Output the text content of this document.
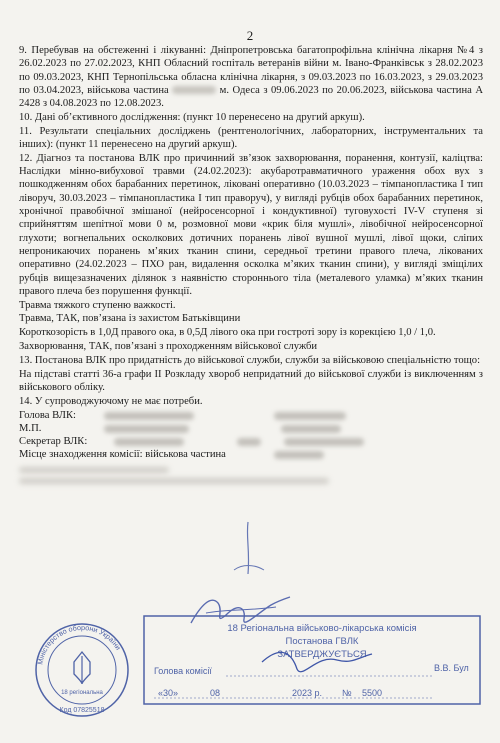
2

9. Перебував на обстеженні і лікуванні: Дніпропетровська багатопрофільна клінічна лікарня №4 з 26.02.2023 по 27.02.2023, КНП Обласний госпіталь ветеранів війни м. Івано-Франківськ з 28.02.2023 по 09.03.2023, КНП Тернопільська обласна клінічна лікарня, з 09.03.2023 по 16.03.2023, з 29.03.2023 по 03.04.2023, військова частина	м. Одеса з 09.06.2023 по 20.06.2023, військова частина А 2428 з 04.08.2023 по 12.08.2023.

10. Дані об’єктивного дослідження: (пункт 10 перенесено на другий аркуш).

11. Результати спеціальних досліджень (рентгенологічних, лабораторних, інструментальних та інших): (пункт 11 перенесено на другий аркуш).

12. Діагноз та постанова ВЛК про причинний зв’язок захворювання, поранення, контузії, каліцтва: Наслідки мінно-вибухової травми (24.02.2023): акубаротравматичного ураження обох вух з пошкодженням обох барабанних перетинок, ліковані оперативно (10.03.2023 – тімпанопластика I тип ліворуч, 30.03.2023 – тімпанопластика I тип праворуч), у вигляді рубців обох барабанних перетинок, хронічної правобічної змішаної (нейросенсорної і кондуктивної) туговухості IV-V ступеня зі сприйняттям шепітної мови 0 м, розмовної мови «крик біля мушлі», лівобічної нейросенсорної глухоти; вогнепальних осколкових дотичних поранень лівої вушної мушлі, лівої щоки, сліпих непроникаючих поранень м’яких тканин спини, середньої третини правого плеча, лікованих оперативно (24.02.2023 – ПХО ран, видалення осколка м’яких тканин спини), у вигляді зміщілих рубців вищезазначених ділянок з наявністю стороннього тіла (металевого уламка) м’яких тканин правого плеча без порушення функції.

Травма тяжкого ступеню важкості.

Травма, ТАК, пов’язана із захистом Батьківщини

Короткозорість в 1,0Д правого ока, в 0,5Д лівого ока при гостроті зору із корекцією 1,0 / 1,0.

Захворювання, ТАК, пов’язані з проходженням військової служби

13. Постанова ВЛК про придатність до військової служби, служби за військовою спеціальністю тощо:

На підставі статті 36-а графи II Розкладу хвороб непридатний до військової служби із виключенням з військового обліку.

14. У супроводжуючому не має потреби.

Голова ВЛК:
М.П.
Секретар ВЛК:
Місце знаходження комісії: військова частина
Міністерство оборони України
18 регіональна
Код 07825518
18 Регіональна військово-лікарська комісія
Постанова ГВЛК
ЗАТВЕРДЖУЄТЬСЯ
Голова комісії	В.В. Бул
«30»	08	2023 р. № 5500
